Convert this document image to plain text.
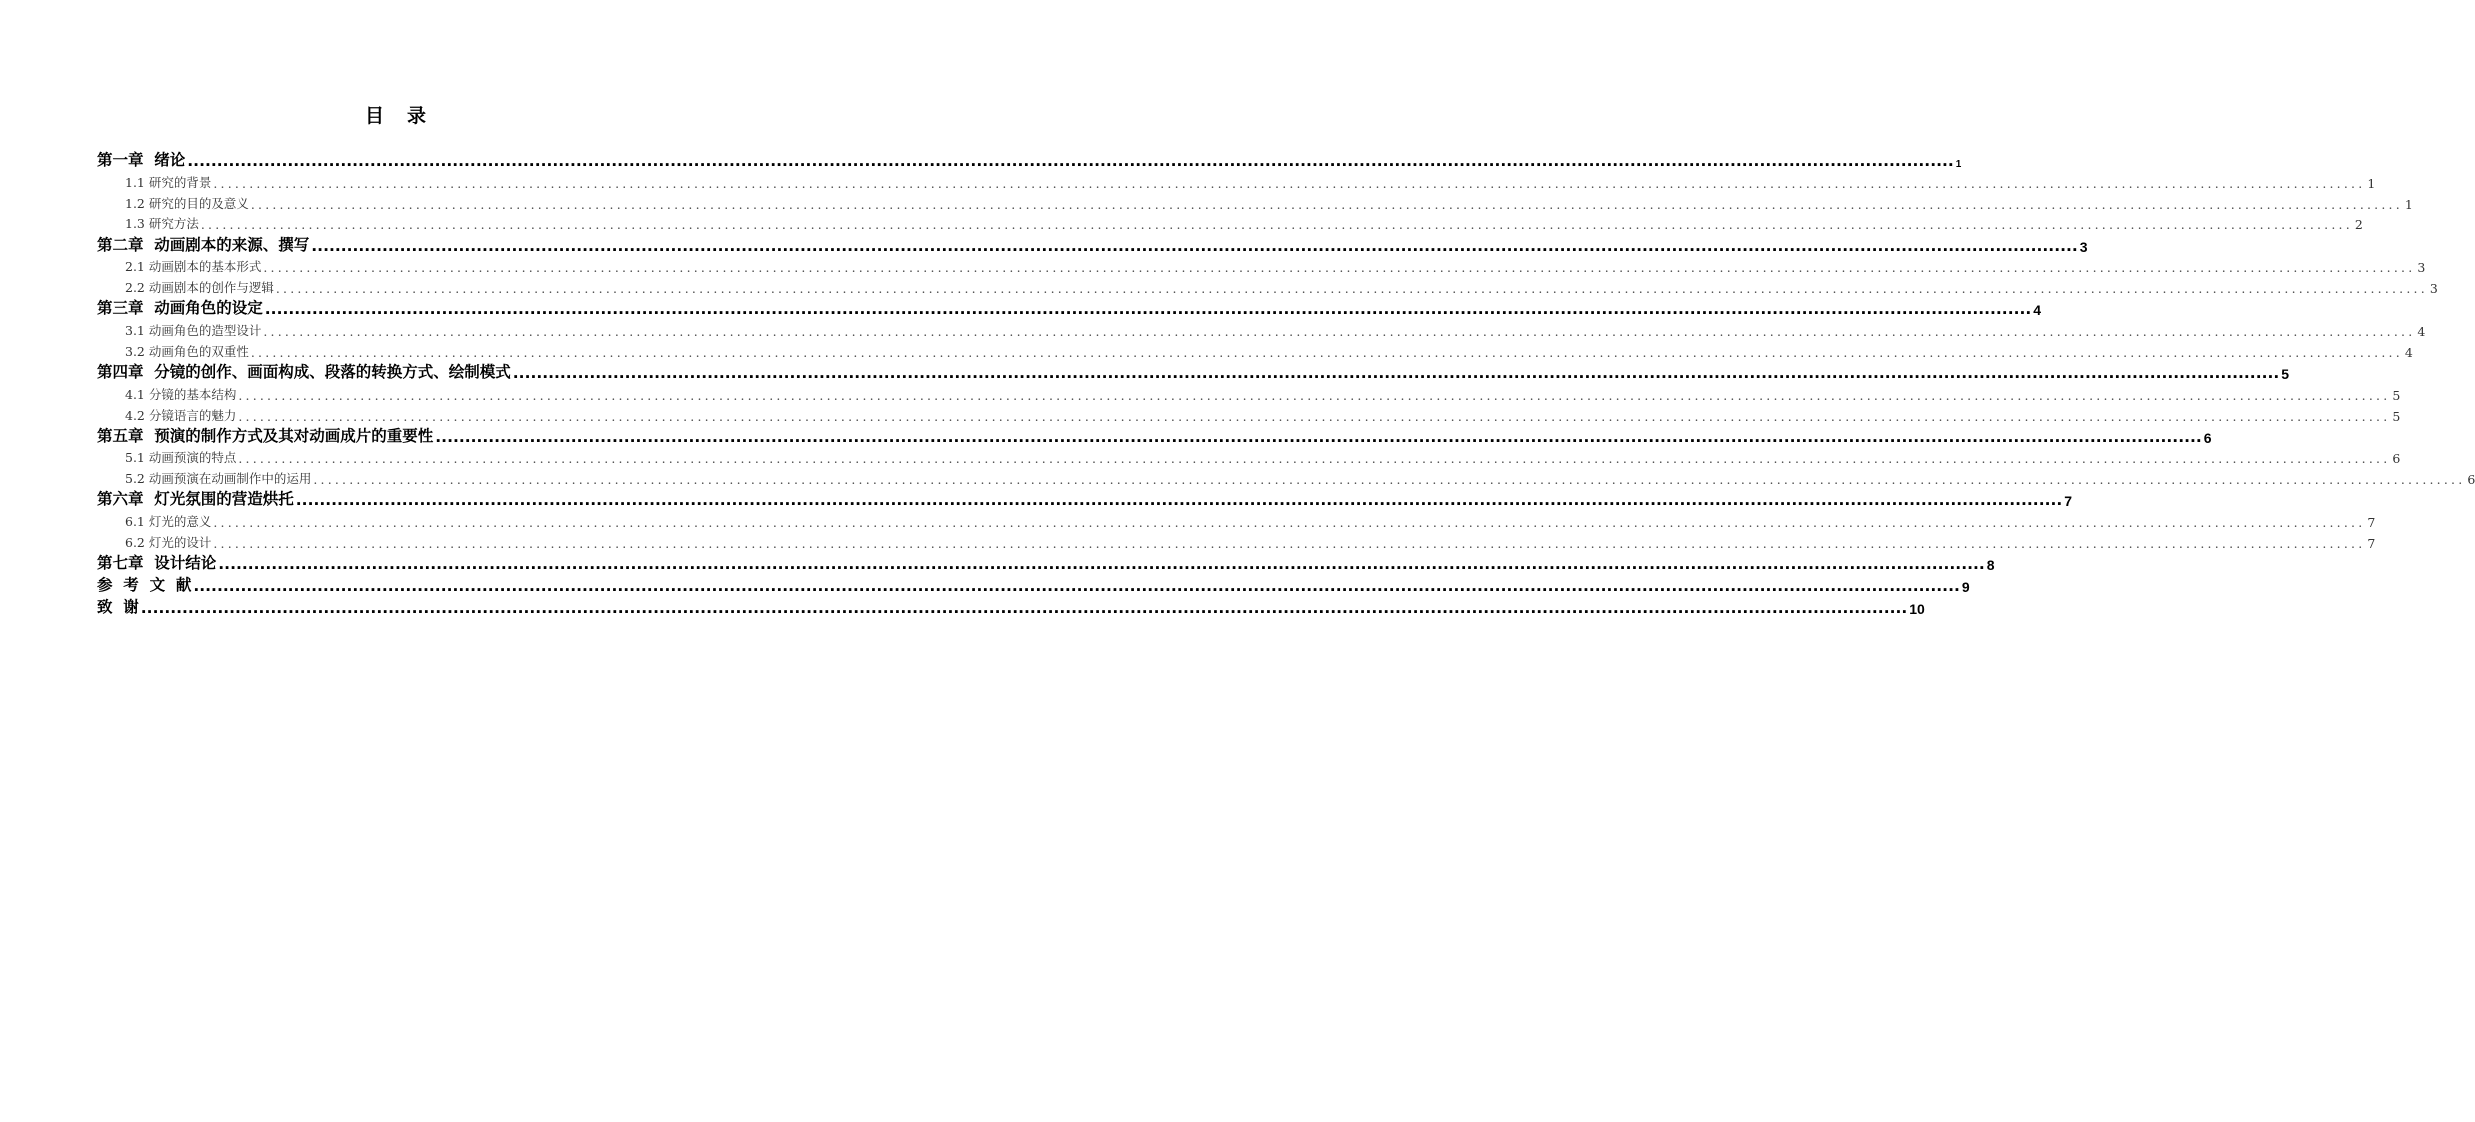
目　录
第一章  绪论 ............................................................................................................................................................................................................................................................................................................ 1
1.1 研究的背景 ............................................................................................................................................................................................................................................................................................................ 1
1.2 研究的目的及意义 ............................................................................................................................................................................................................................................................................................................ 1
1.3 研究方法 ............................................................................................................................................................................................................................................................................................................ 2
第二章  动画剧本的来源、撰写 ............................................................................................................................................................................................................................................................................................................ 3
2.1 动画剧本的基本形式 ............................................................................................................................................................................................................................................................................................................ 3
2.2 动画剧本的创作与逻辑 ............................................................................................................................................................................................................................................................................................................ 3
第三章  动画角色的设定 ............................................................................................................................................................................................................................................................................................................ 4
3.1 动画角色的造型设计 ............................................................................................................................................................................................................................................................................................................ 4
3.2 动画角色的双重性 ............................................................................................................................................................................................................................................................................................................ 4
第四章  分镜的创作、画面构成、段落的转换方式、绘制模式 ............................................................................................................................................................................................................................................................................................................ 5
4.1 分镜的基本结构 ............................................................................................................................................................................................................................................................................................................ 5
4.2 分镜语言的魅力 ............................................................................................................................................................................................................................................................................................................ 5
第五章  预演的制作方式及其对动画成片的重要性 ............................................................................................................................................................................................................................................................................................................ 6
5.1 动画预演的特点 ............................................................................................................................................................................................................................................................................................................ 6
5.2 动画预演在动画制作中的运用 ............................................................................................................................................................................................................................................................................................................ 6
第六章  灯光氛围的营造烘托 ............................................................................................................................................................................................................................................................................................................ 7
6.1 灯光的意义 ............................................................................................................................................................................................................................................................................................................ 7
6.2 灯光的设计 ............................................................................................................................................................................................................................................................................................................ 7
第七章  设计结论 ............................................................................................................................................................................................................................................................................................................ 8
参  考  文  献 ............................................................................................................................................................................................................................................................................................................ 9
致  谢 ............................................................................................................................................................................................................................................................................................................ 10
